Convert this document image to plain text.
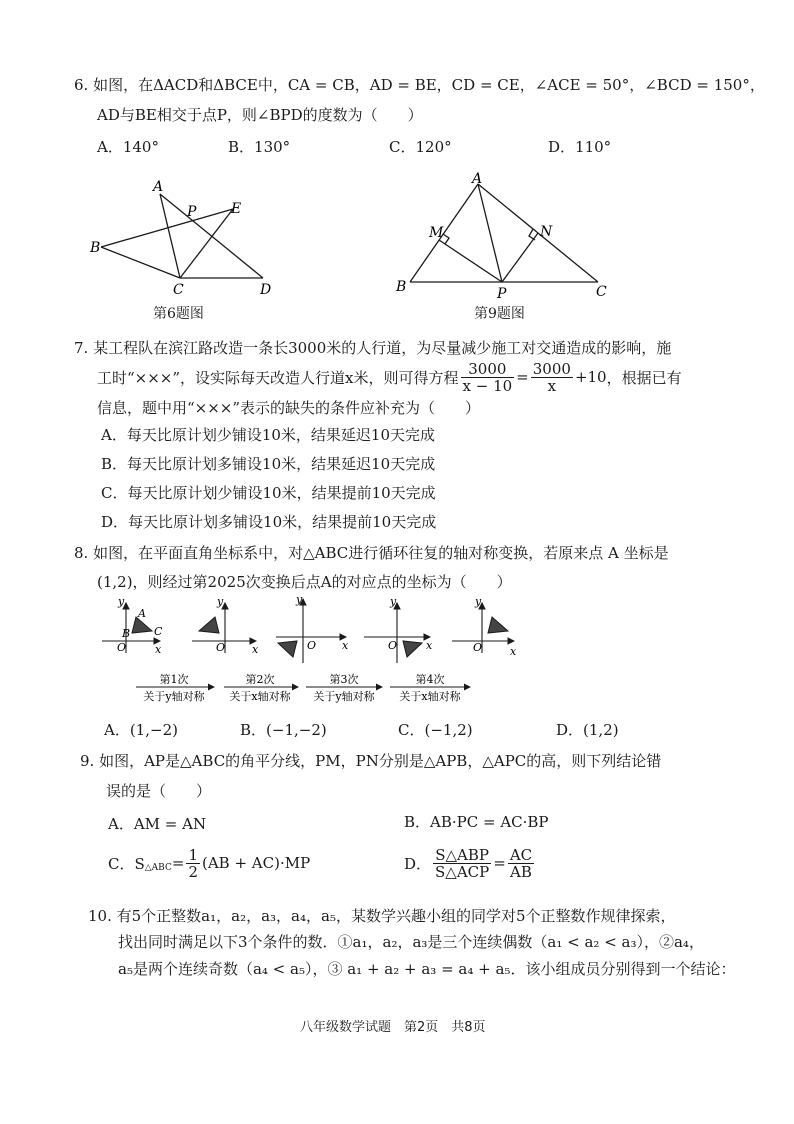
6. 如图，在ΔACD和ΔBCE中，CA = CB，AD = BE，CD = CE，∠ACE = 50°，∠BCD = 150°，
AD与BE相交于点P，则∠BPD的度数为（　　）
A．140°	B．130°	C．120°	D．110°
A
P E
B
C	D
第6题图
A
M	N
B	P	C
第9题图
7. 某工程队在滨江路改造一条长3000米的人行道，为尽量减少施工对交通造成的影响，施
工时“×××”，设实际每天改造人行道x米，则可得方程 $\frac{3000}{x - 10} = \frac{3000}{x} +10$ ，根据已有
信息，题中用“×××”表示的缺失的条件应补充为（　　）
A．每天比原计划少铺设10米，结果延迟10天完成
B．每天比原计划多铺设10米，结果延迟10天完成
C．每天比原计划少铺设10米，结果提前10天完成
D．每天比原计划多铺设10米，结果提前10天完成
8. 如图，在平面直角坐标系中，对△ABC进行循环往复的轴对称变换，若原来点 A 坐标是
(1,2)，则经过第2025次变换后点A的对应点的坐标为（　　）
y
x
O
A
B C
y
x
O
y
x
O
y
x
O
y
x
O
第1次
关于y轴对称
第2次
关于x轴对称
第3次
关于y轴对称
第4次
关于x轴对称
A．(1,−2)	B．(−1,−2)	C．(−1,2)	D．(1,2)
9. 如图，AP是△ABC的角平分线，PM，PN分别是△APB，△APC的高，则下列结论错
误的是（　　）
A．AM = AN	B．AB·PC = AC·BP
C．S △ABC = $\frac{1}{2} (AB + AC)\cdot MP$	D． $\frac{\text{S△ABP}}{\text{S△ACP}} = \frac{AC}{AB}$
10. 有5个正整数a₁，a₂，a₃，a₄，a₅，某数学兴趣小组的同学对5个正整数作规律探索，
找出同时满足以下3个条件的数．①a₁，a₂，a₃是三个连续偶数（a₁ < a₂ < a₃），②a₄，
a₅是两个连续奇数（a₄ < a₅），③ a₁ + a₂ + a₃ = a₄ + a₅．该小组成员分别得到一个结论：
八年级数学试题　第2页　共8页
